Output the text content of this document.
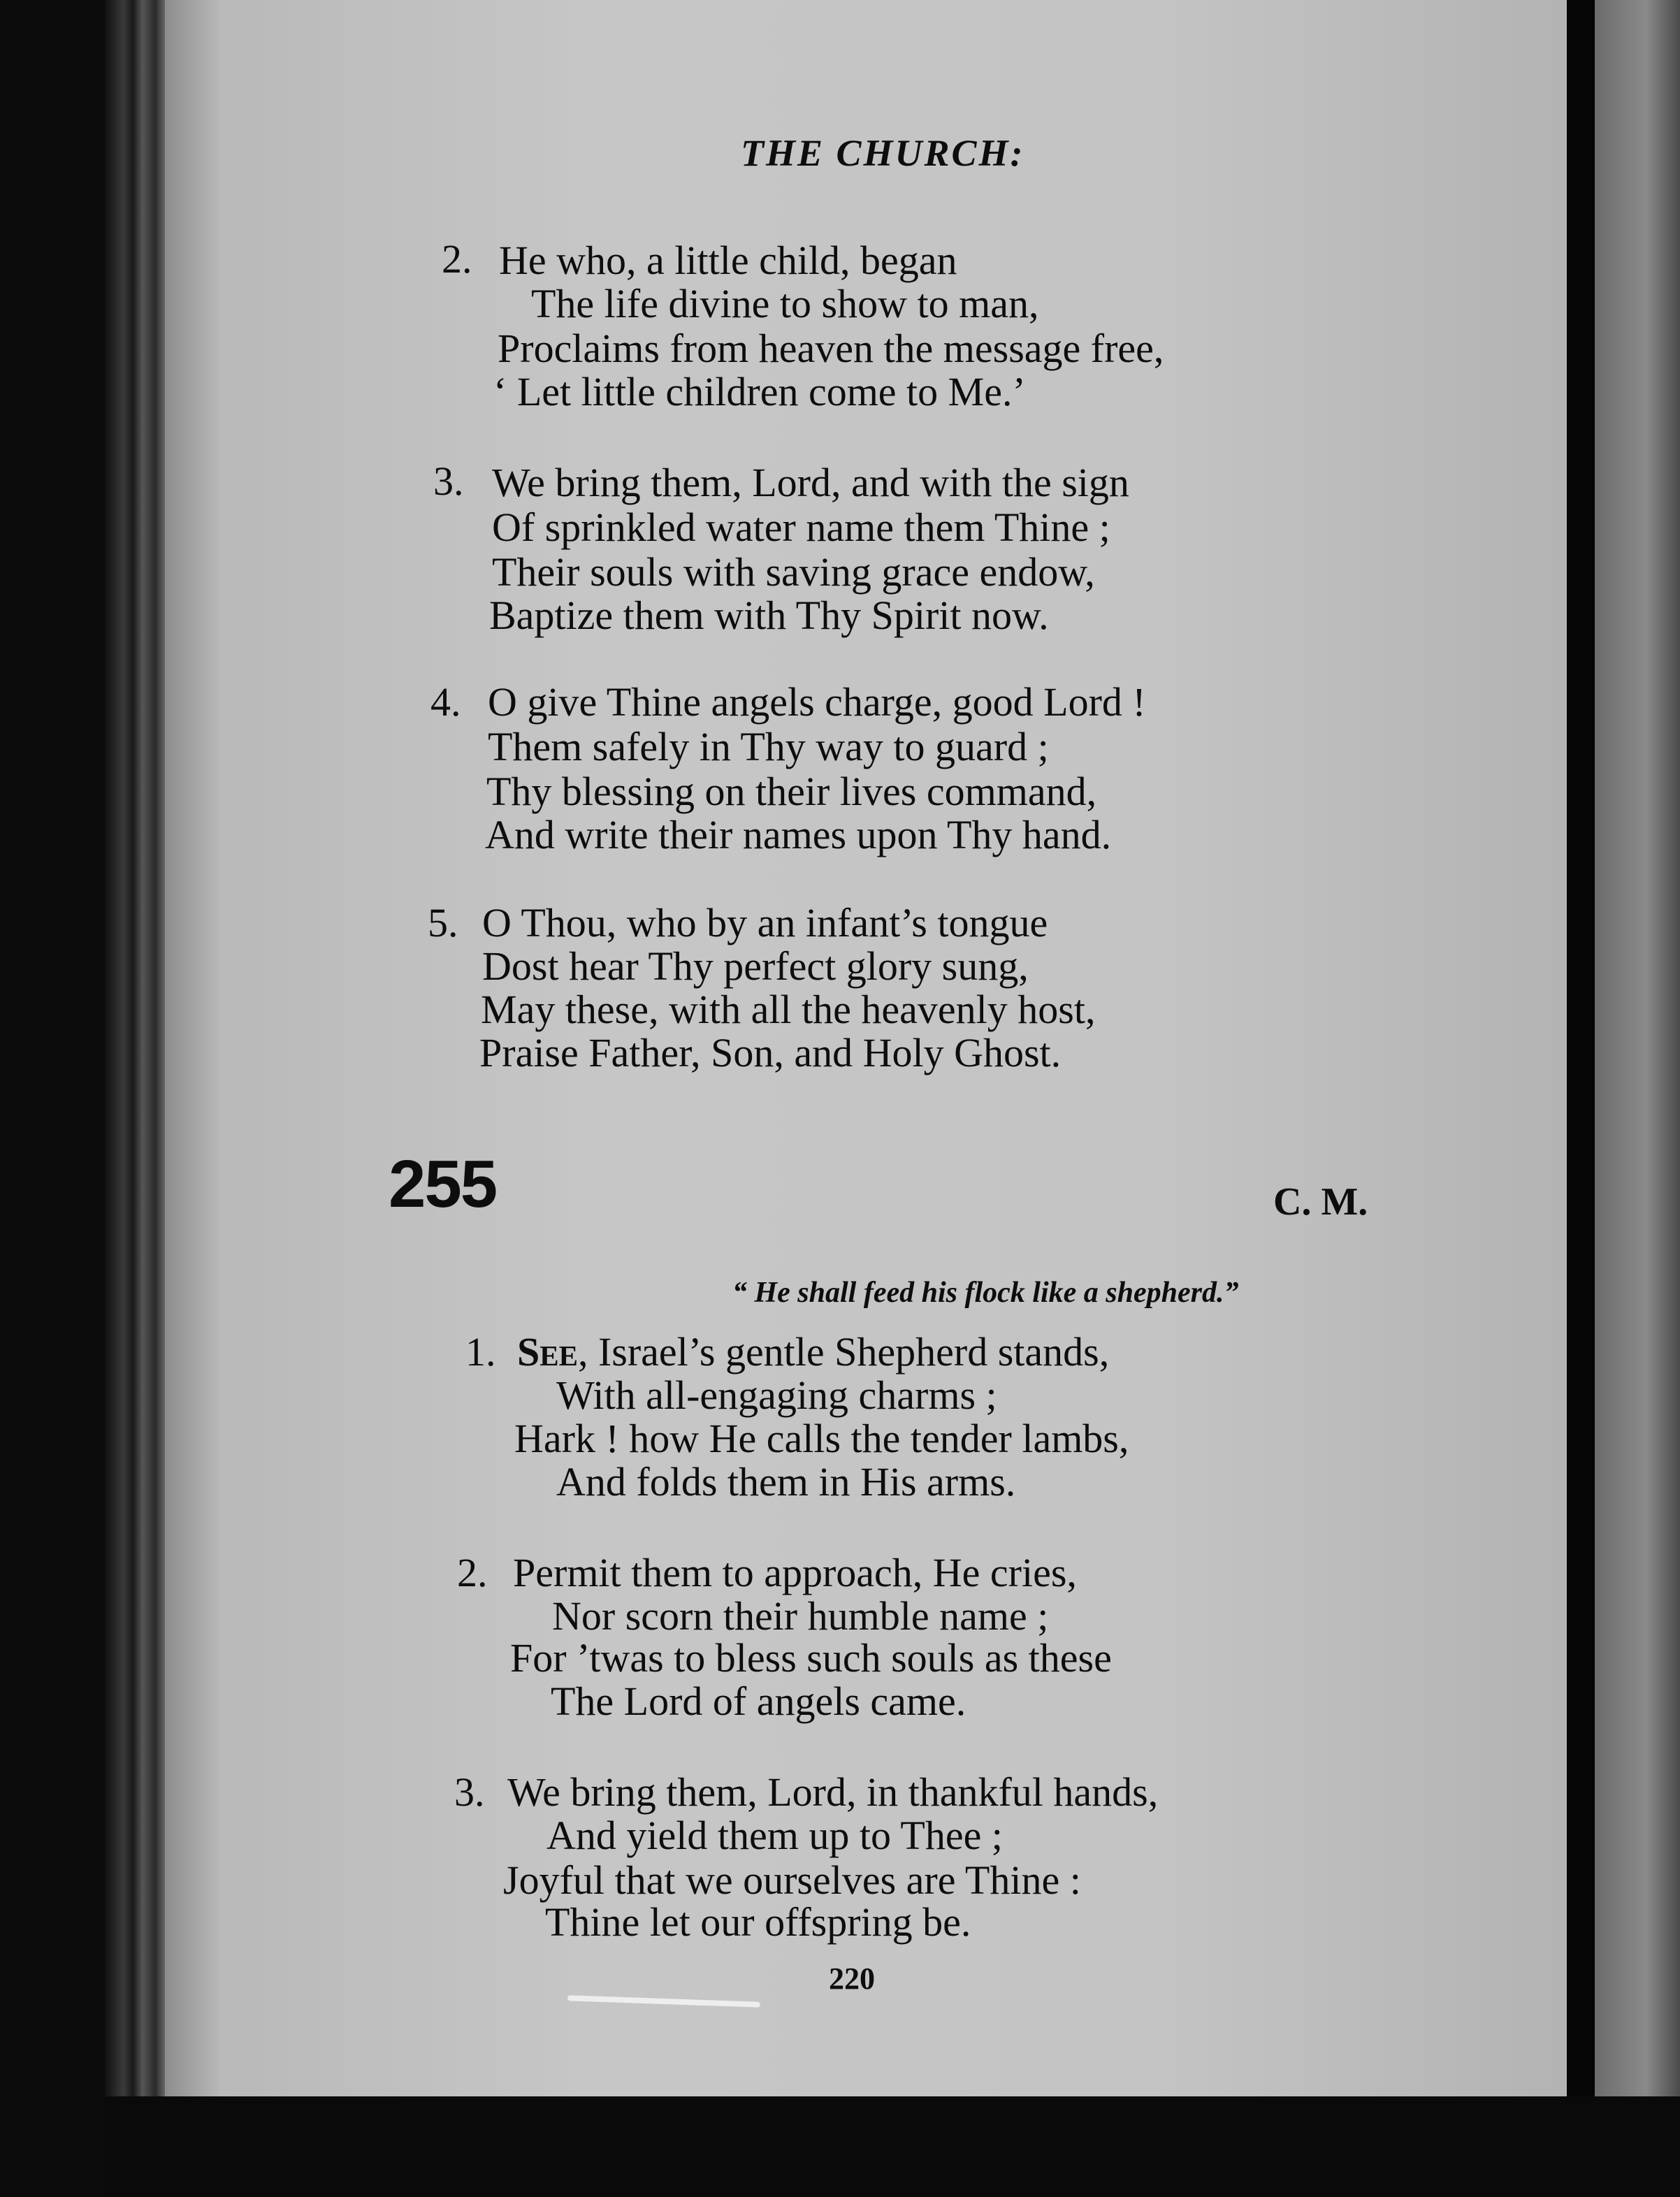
THE CHURCH:
2. He who, a little child, began
The life divine to show to man,
Proclaims from heaven the message free,
‘ Let little children come to Me.’
3. We bring them, Lord, and with the sign
Of sprinkled water name them Thine ;
Their souls with saving grace endow,
Baptize them with Thy Spirit now.
4. O give Thine angels charge, good Lord !
Them safely in Thy way to guard ;
Thy blessing on their lives command,
And write their names upon Thy hand.
5. O Thou, who by an infant’s tongue
Dost hear Thy perfect glory sung,
May these, with all the heavenly host,
Praise Father, Son, and Holy Ghost.
255	C. M.
“ He shall feed his flock like a shepherd.”
1. See, Israel’s gentle Shepherd stands,
With all-engaging charms ;
Hark ! how He calls the tender lambs,
And folds them in His arms.
2. Permit them to approach, He cries,
Nor scorn their humble name ;
For ’twas to bless such souls as these
The Lord of angels came.
3. We bring them, Lord, in thankful hands,
And yield them up to Thee ;
Joyful that we ourselves are Thine :
Thine let our offspring be.
220
